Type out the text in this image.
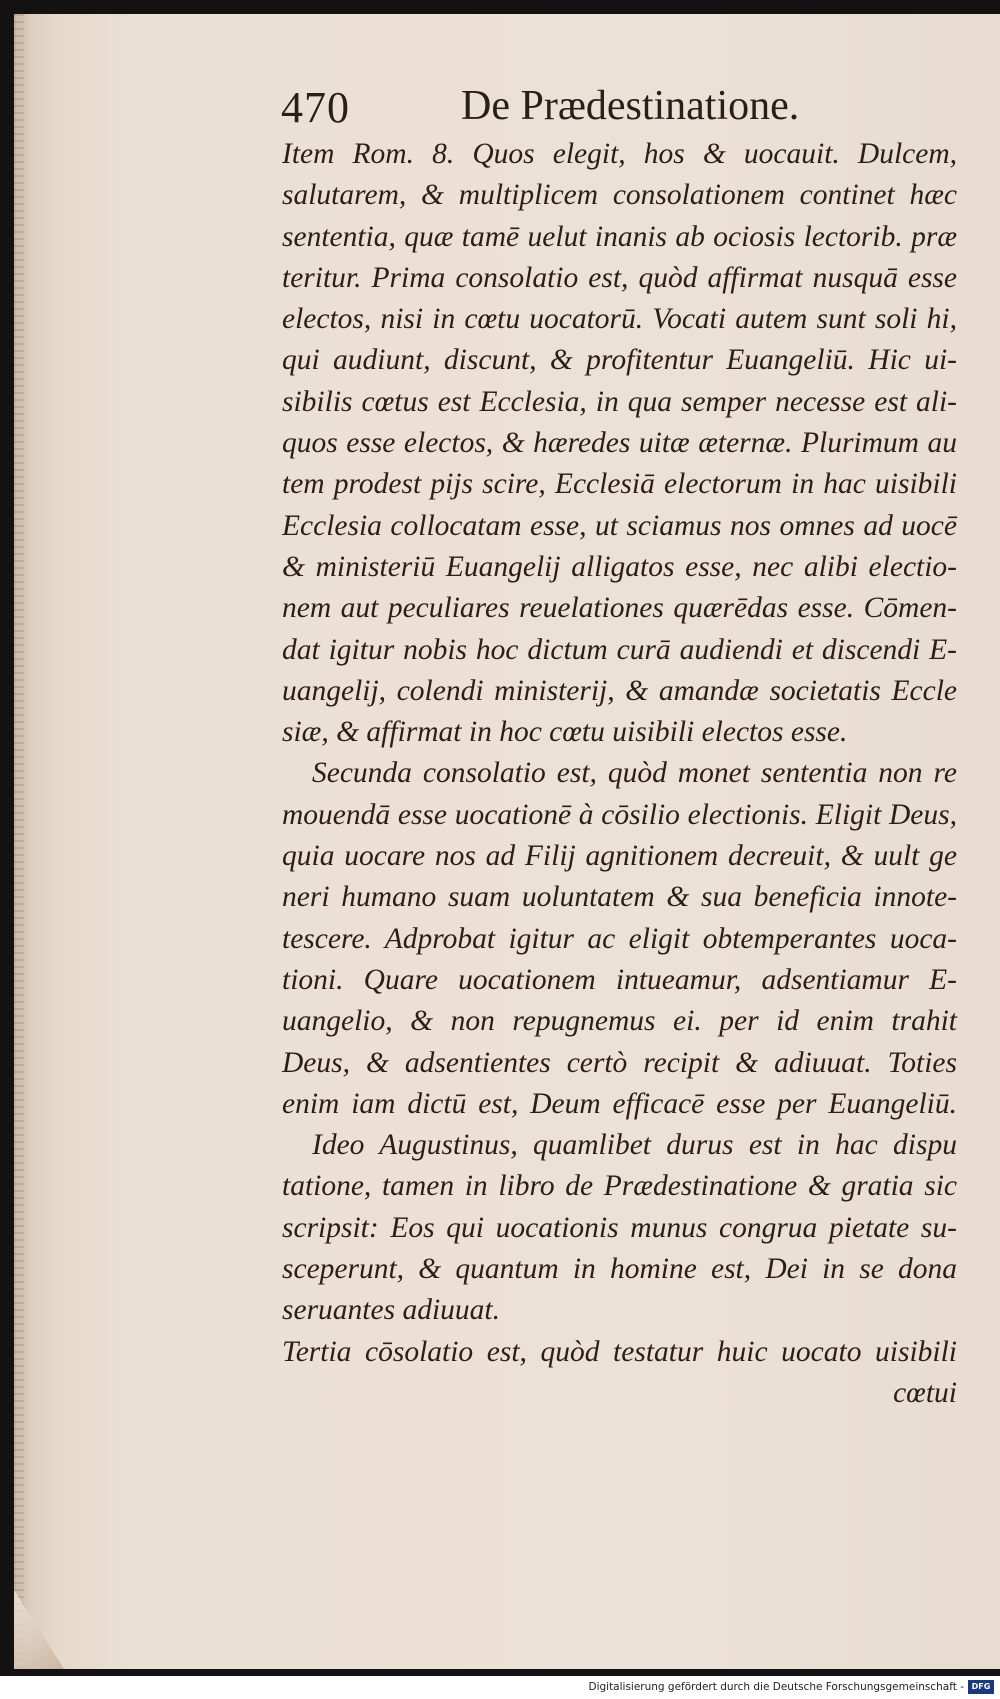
470	De Prædestinatione.
Item Rom. 8. Quos elegit, hos & uocauit. Dulcem,
salutarem, & multiplicem consolationem continet hæc
sententia, quæ tamē uelut inanis ab ociosis lectorib. præ
teritur. Prima consolatio est, quòd affirmat nusquā esse
electos, nisi in cœtu uocatorū. Vocati autem sunt soli hi,
qui audiunt, discunt, & profitentur Euangeliū. Hic ui-
sibilis cœtus est Ecclesia, in qua semper necesse est ali-
quos esse electos, & hæredes uitæ æternæ. Plurimum au
tem prodest pijs scire, Ecclesiā electorum in hac uisibili
Ecclesia collocatam esse, ut sciamus nos omnes ad uocē
& ministeriū Euangelij alligatos esse, nec alibi electio-
nem aut peculiares reuelationes quærēdas esse. Cōmen-
dat igitur nobis hoc dictum curā audiendi et discendi E-
uangelij, colendi ministerij, & amandæ societatis Eccle
siæ, & affirmat in hoc cœtu uisibili electos esse.
Secunda consolatio est, quòd monet sententia non re
mouendā esse uocationē à cōsilio electionis. Eligit Deus,
quia uocare nos ad Filij agnitionem decreuit, & uult ge
neri humano suam uoluntatem & sua beneficia innote-
tescere. Adprobat igitur ac eligit obtemperantes uoca-
tioni. Quare uocationem intueamur, adsentiamur E-
uangelio, & non repugnemus ei. per id enim trahit
Deus, & adsentientes certò recipit & adiuuat. Toties
enim iam dictū est, Deum efficacē esse per Euangeliū.
Ideo Augustinus, quamlibet durus est in hac dispu
tatione, tamen in libro de Prædestinatione & gratia sic
scripsit: Eos qui uocationis munus congrua pietate su-
sceperunt, & quantum in homine est, Dei in se dona
seruantes adiuuat.
Tertia cōsolatio est, quòd testatur huic uocato uisibili
cœtui
Digitalisierung gefördert durch die Deutsche Forschungsgemeinschaft - DFG
